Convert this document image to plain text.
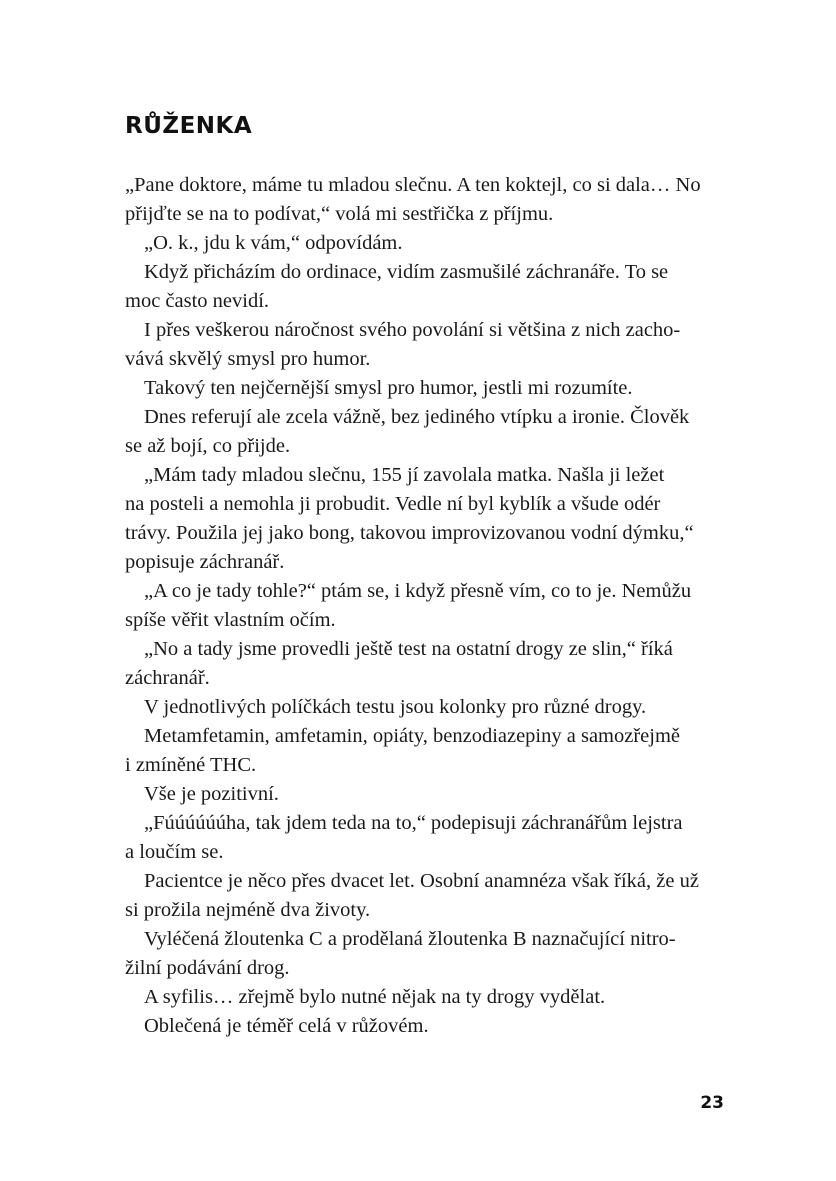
RŮŽENKA
„Pane doktore, máme tu mladou slečnu. A ten koktejl, co si dala… No
přijďte se na to podívat,“ volá mi sestřička z příjmu.
„O. k., jdu k vám,“ odpovídám.
Když přicházím do ordinace, vidím zasmušilé záchranáře. To se
moc často nevidí.
I přes veškerou náročnost svého povolání si většina z nich zacho-
vává skvělý smysl pro humor.
Takový ten nejčernější smysl pro humor, jestli mi rozumíte.
Dnes referují ale zcela vážně, bez jediného vtípku a ironie. Člověk
se až bojí, co přijde.
„Mám tady mladou slečnu, 155 jí zavolala matka. Našla ji ležet
na posteli a nemohla ji probudit. Vedle ní byl kyblík a všude odér
trávy. Použila jej jako bong, takovou improvizovanou vodní dýmku,“
popisuje záchranář.
„A co je tady tohle?“ ptám se, i když přesně vím, co to je. Nemůžu
spíše věřit vlastním očím.
„No a tady jsme provedli ještě test na ostatní drogy ze slin,“ říká
záchranář.
V jednotlivých políčkách testu jsou kolonky pro různé drogy.
Metamfetamin, amfetamin, opiáty, benzodiazepiny a samozřejmě
i zmíněné THC.
Vše je pozitivní.
„Fúúúúúúha, tak jdem teda na to,“ podepisuji záchranářům lejstra
a loučím se.
Pacientce je něco přes dvacet let. Osobní anamnéza však říká, že už
si prožila nejméně dva životy.
Vyléčená žloutenka C a prodělaná žloutenka B naznačující nitro-
žilní podávání drog.
A syfilis… zřejmě bylo nutné nějak na ty drogy vydělat.
Oblečená je téměř celá v růžovém.
23
